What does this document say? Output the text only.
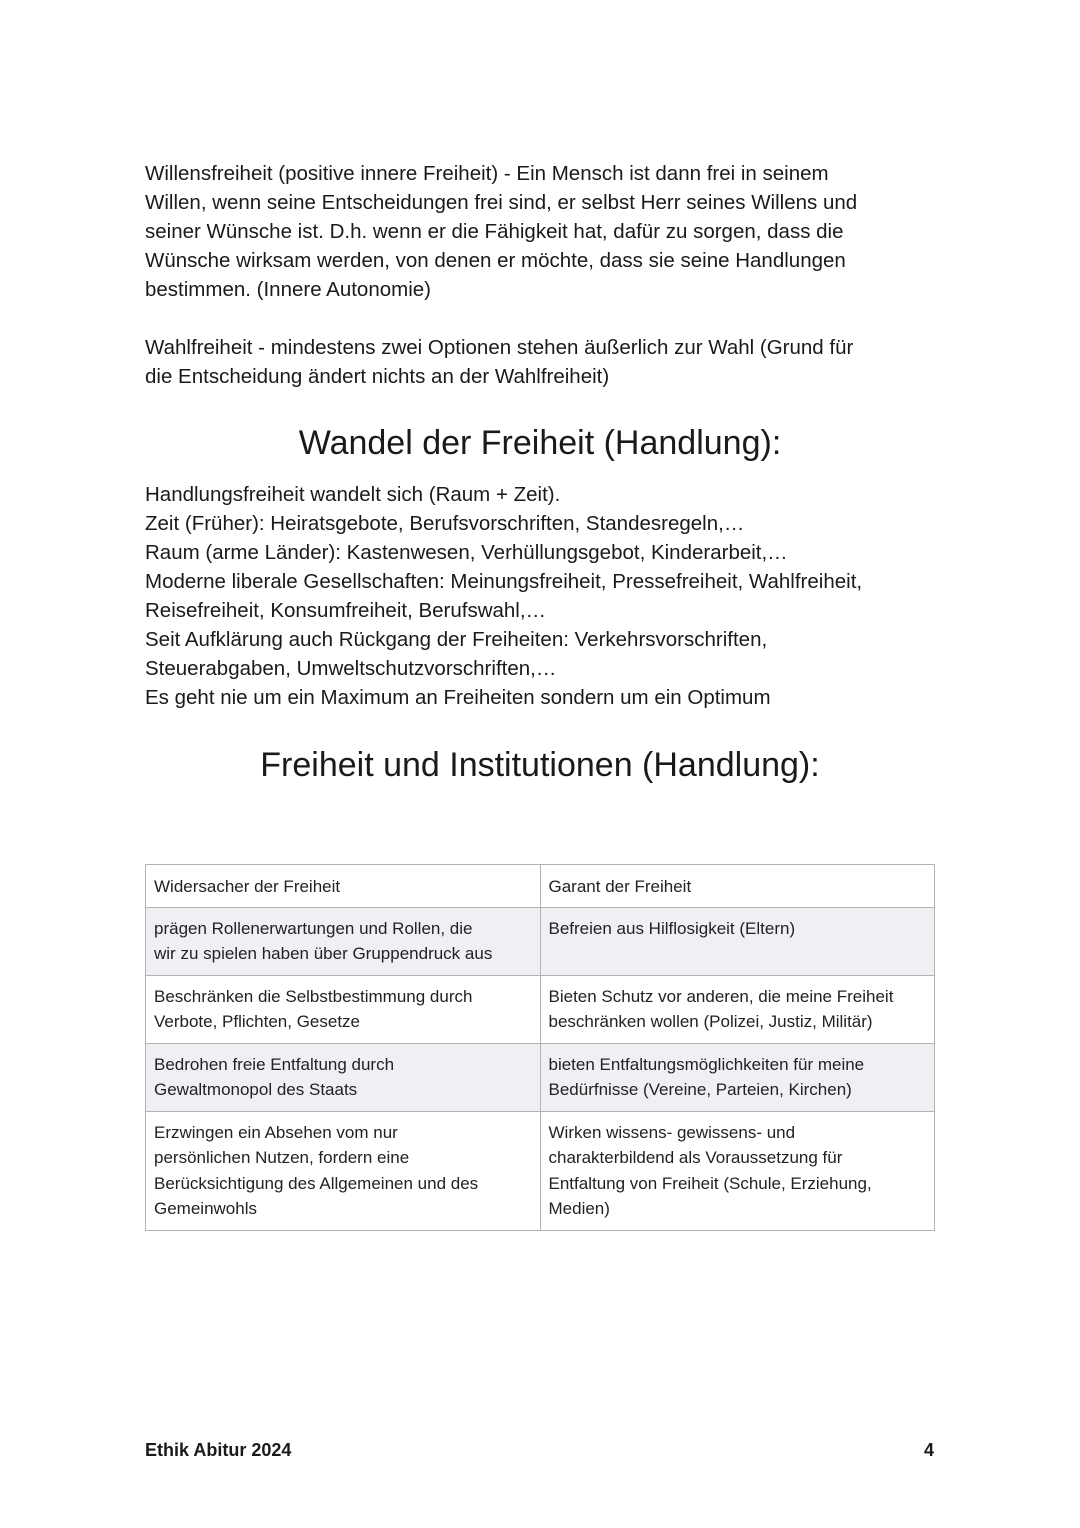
Willensfreiheit (positive innere Freiheit) - Ein Mensch ist dann frei in seinem
Willen, wenn seine Entscheidungen frei sind, er selbst Herr seines Willens und
seiner Wünsche ist. D.h. wenn er die Fähigkeit hat, dafür zu sorgen, dass die
Wünsche wirksam werden, von denen er möchte, dass sie seine Handlungen
bestimmen. (Innere Autonomie)
Wahlfreiheit - mindestens zwei Optionen stehen äußerlich zur Wahl (Grund für
die Entscheidung ändert nichts an der Wahlfreiheit)
Wandel der Freiheit (Handlung):
Handlungsfreiheit wandelt sich (Raum + Zeit).
Zeit (Früher): Heiratsgebote, Berufsvorschriften, Standesregeln,…
Raum (arme Länder): Kastenwesen, Verhüllungsgebot, Kinderarbeit,…
Moderne liberale Gesellschaften: Meinungsfreiheit, Pressefreiheit, Wahlfreiheit,
Reisefreiheit, Konsumfreiheit, Berufswahl,…
Seit Aufklärung auch Rückgang der Freiheiten: Verkehrsvorschriften,
Steuerabgaben, Umweltschutzvorschriften,…
Es geht nie um ein Maximum an Freiheiten sondern um ein Optimum
Freiheit und Institutionen (Handlung):
Widersacher der Freiheit	Garant der Freiheit
prägen Rollenerwartungen und Rollen, die
wir zu spielen haben über Gruppendruck aus	Befreien aus Hilflosigkeit (Eltern)
Beschränken die Selbstbestimmung durch
Verbote, Pflichten, Gesetze	Bieten Schutz vor anderen, die meine Freiheit
beschränken wollen (Polizei, Justiz, Militär)
Bedrohen freie Entfaltung durch
Gewaltmonopol des Staats	bieten Entfaltungsmöglichkeiten für meine
Bedürfnisse (Vereine, Parteien, Kirchen)
Erzwingen ein Absehen vom nur
persönlichen Nutzen, fordern eine
Berücksichtigung des Allgemeinen und des
Gemeinwohls	Wirken wissens- gewissens- und
charakterbildend als Voraussetzung für
Entfaltung von Freiheit (Schule, Erziehung,
Medien)
Ethik Abitur 2024	4
